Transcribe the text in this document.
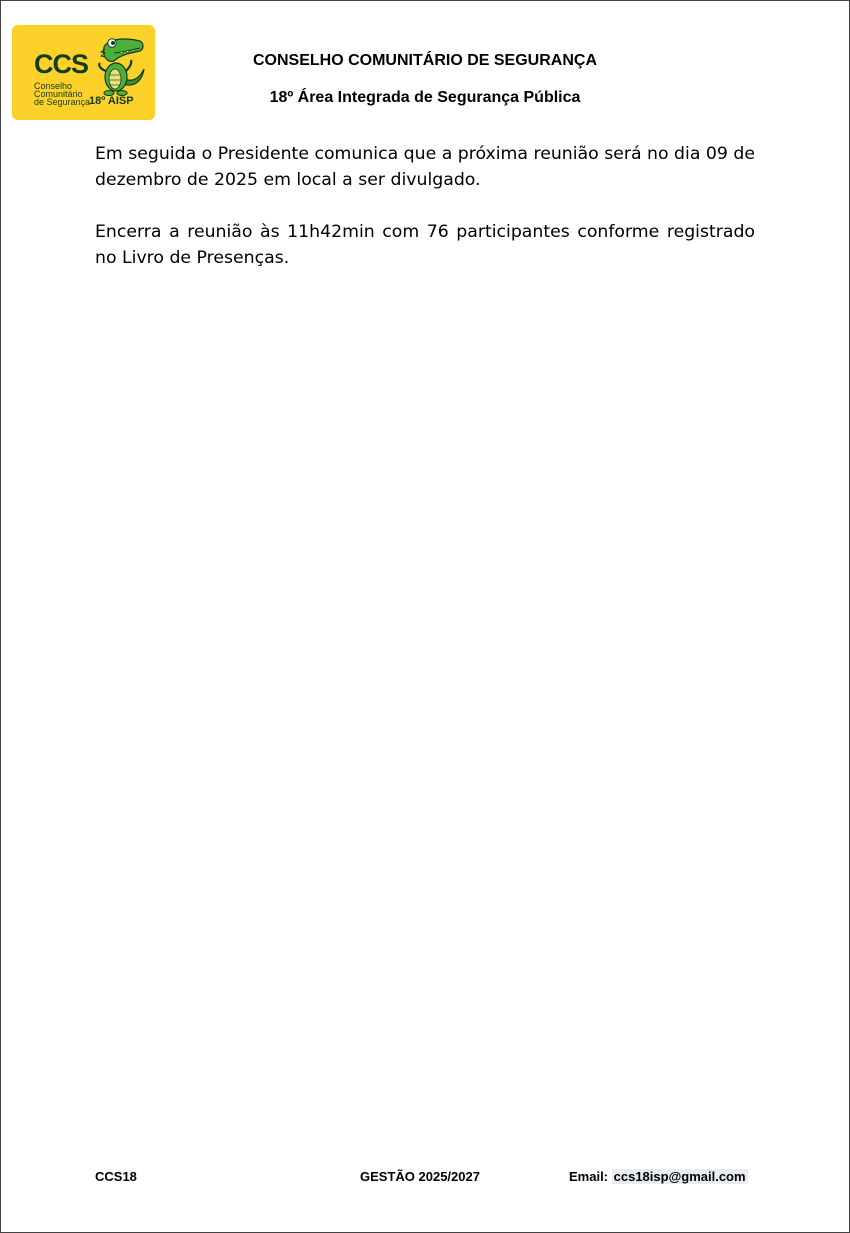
CCS
Conselho
Comunitário
de Segurança
18º AISP
CONSELHO COMUNITÁRIO DE SEGURANÇA
18º Área Integrada de Segurança Pública

Em seguida o Presidente comunica que a próxima reunião será no dia 09 de dezembro de 2025 em local a ser divulgado.

Encerra a reunião às 11h42min com 76 participantes conforme registrado no Livro de Presenças.

CCS18	GESTÃO 2025/2027	Email: ccs18isp@gmail.com
